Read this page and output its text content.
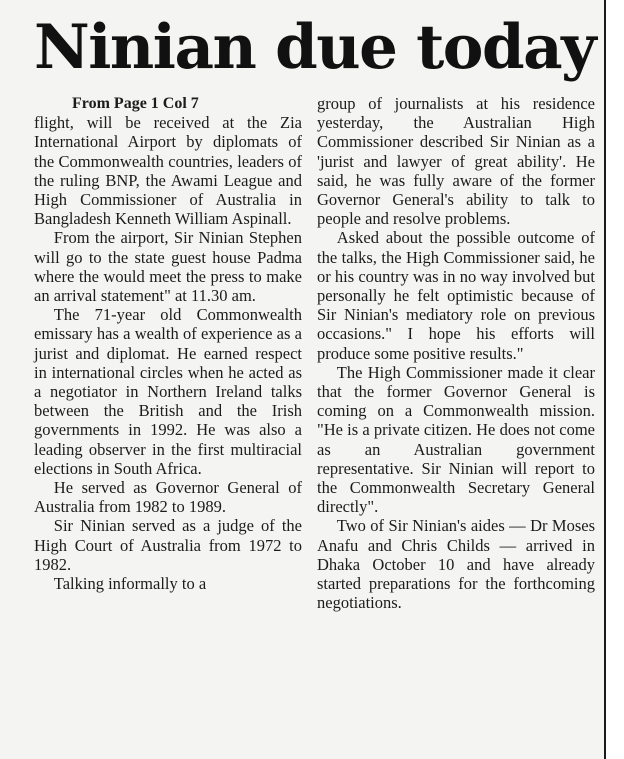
Ninian due today
From Page 1 Col 7

flight, will be received at the Zia International Airport by diplomats of the Commonwealth countries, leaders of the ruling BNP, the Awami League and High Commissioner of Australia in Bangladesh Kenneth William Aspinall.

From the airport, Sir Ninian Stephen will go to the state guest house Padma where the would meet the press to make an arrival statement" at 11.30 am.

The 71-year old Commonwealth emissary has a wealth of experience as a jurist and diplomat. He earned respect in international circles when he acted as a negotiator in Northern Ireland talks between the British and the Irish governments in 1992. He was also a leading observer in the first multiracial elections in South Africa.

He served as Governor General of Australia from 1982 to 1989.

Sir Ninian served as a judge of the High Court of Australia from 1972 to 1982.

Talking informally to a

group of journalists at his residence yesterday, the Australian High Commissioner described Sir Ninian as a 'jurist and lawyer of great ability'. He said, he was fully aware of the former Governor General's ability to talk to people and resolve problems.

Asked about the possible outcome of the talks, the High Commissioner said, he or his country was in no way involved but personally he felt optimistic because of Sir Ninian's mediatory role on previous occasions." I hope his efforts will produce some positive results."

The High Commissioner made it clear that the former Governor General is coming on a Commonwealth mission. "He is a private citizen. He does not come as an Australian government representative. Sir Ninian will report to the Commonwealth Secretary General directly".

Two of Sir Ninian's aides — Dr Moses Anafu and Chris Childs — arrived in Dhaka October 10 and have already started preparations for the forthcoming negotiations.
